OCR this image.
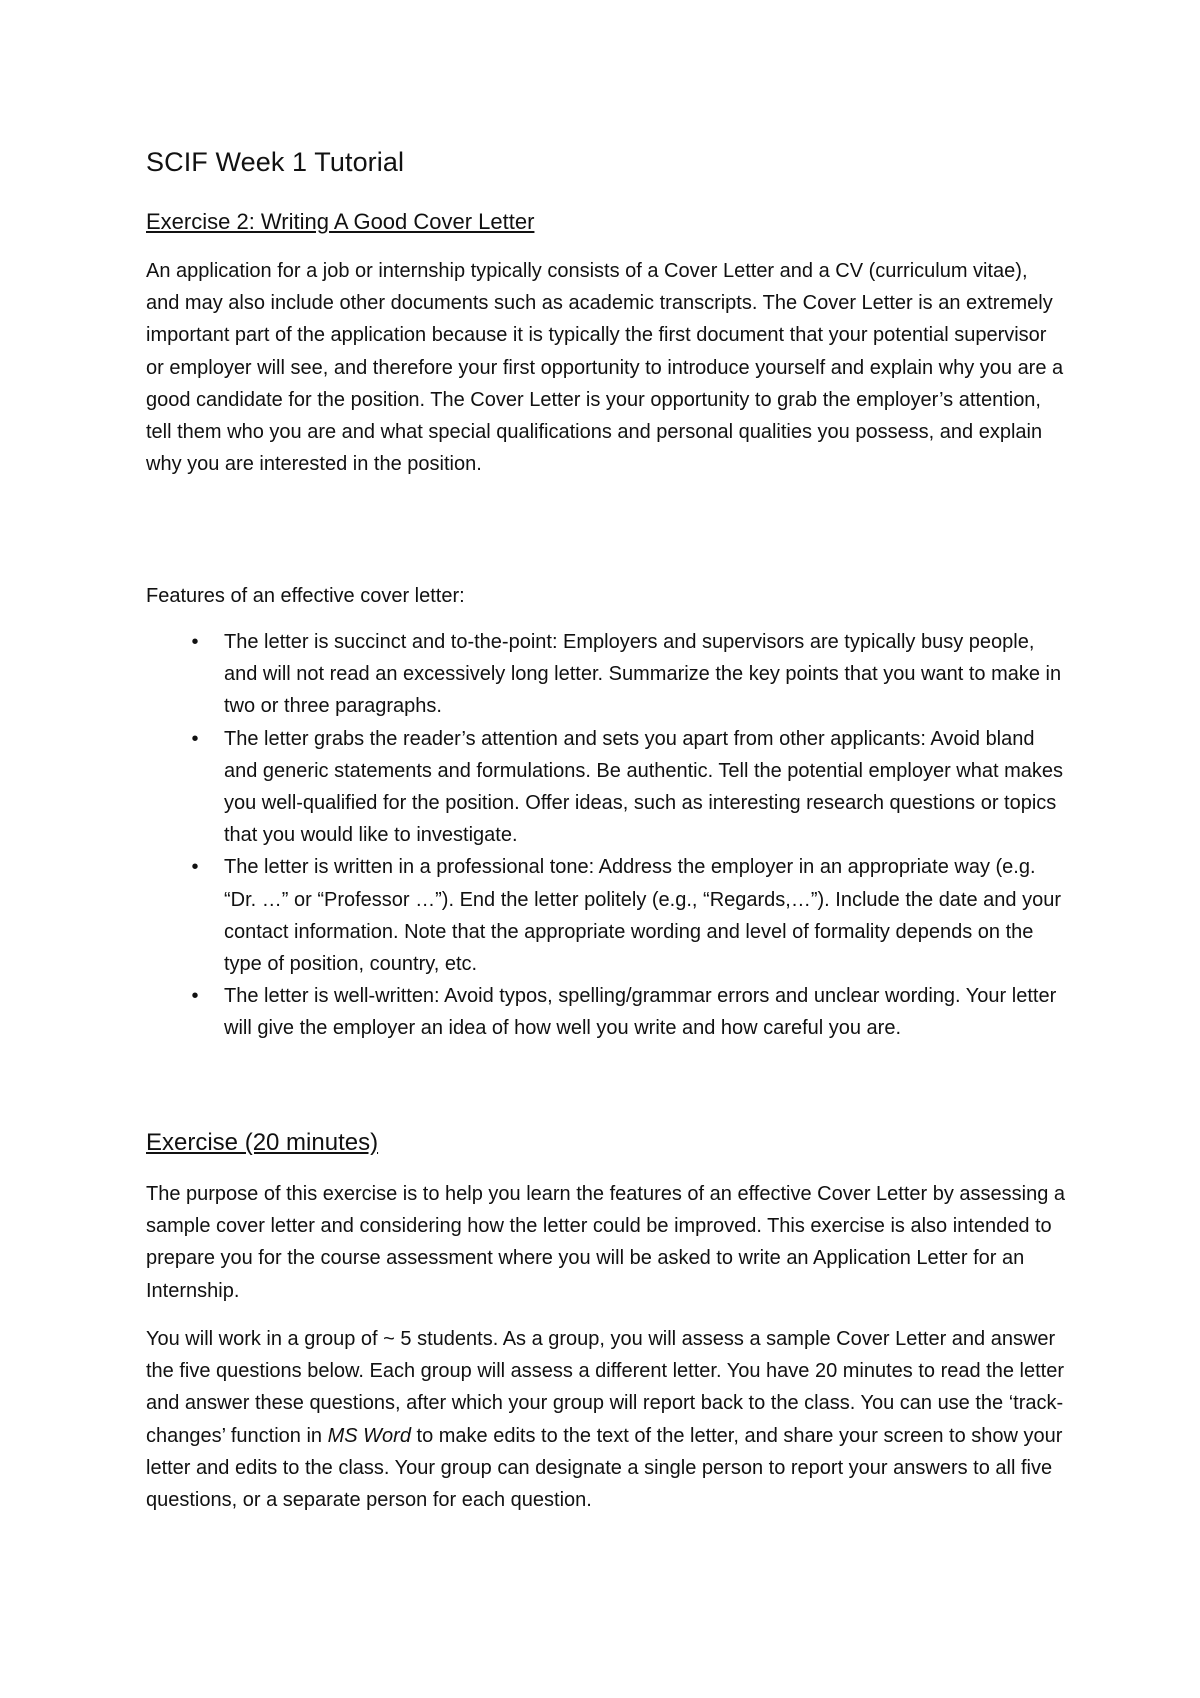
SCIF Week 1 Tutorial
Exercise 2: Writing A Good Cover Letter

An application for a job or internship typically consists of a Cover Letter and a CV (curriculum vitae), and may also include other documents such as academic transcripts. The Cover Letter is an extremely important part of the application because it is typically the first document that your potential supervisor or employer will see, and therefore your first opportunity to introduce yourself and explain why you are a good candidate for the position. The Cover Letter is your opportunity to grab the employer’s attention, tell them who you are and what special qualifications and personal qualities you possess, and explain why you are interested in the position.

Features of an effective cover letter:

• The letter is succinct and to-the-point: Employers and supervisors are typically busy people, and will not read an excessively long letter. Summarize the key points that you want to make in two or three paragraphs.
• The letter grabs the reader’s attention and sets you apart from other applicants: Avoid bland and generic statements and formulations. Be authentic. Tell the potential employer what makes you well-qualified for the position. Offer ideas, such as interesting research questions or topics that you would like to investigate.
• The letter is written in a professional tone: Address the employer in an appropriate way (e.g. “Dr. …” or “Professor …”). End the letter politely (e.g., “Regards,…”). Include the date and your contact information. Note that the appropriate wording and level of formality depends on the type of position, country, etc.
• The letter is well-written: Avoid typos, spelling/grammar errors and unclear wording. Your letter will give the employer an idea of how well you write and how careful you are.
Exercise (20 minutes)

The purpose of this exercise is to help you learn the features of an effective Cover Letter by assessing a sample cover letter and considering how the letter could be improved. This exercise is also intended to prepare you for the course assessment where you will be asked to write an Application Letter for an Internship.

You will work in a group of ~ 5 students. As a group, you will assess a sample Cover Letter and answer the five questions below. Each group will assess a different letter. You have 20 minutes to read the letter and answer these questions, after which your group will report back to the class. You can use the ‘track-changes’ function in MS Word to make edits to the text of the letter, and share your screen to show your letter and edits to the class. Your group can designate a single person to report your answers to all five questions, or a separate person for each question.
